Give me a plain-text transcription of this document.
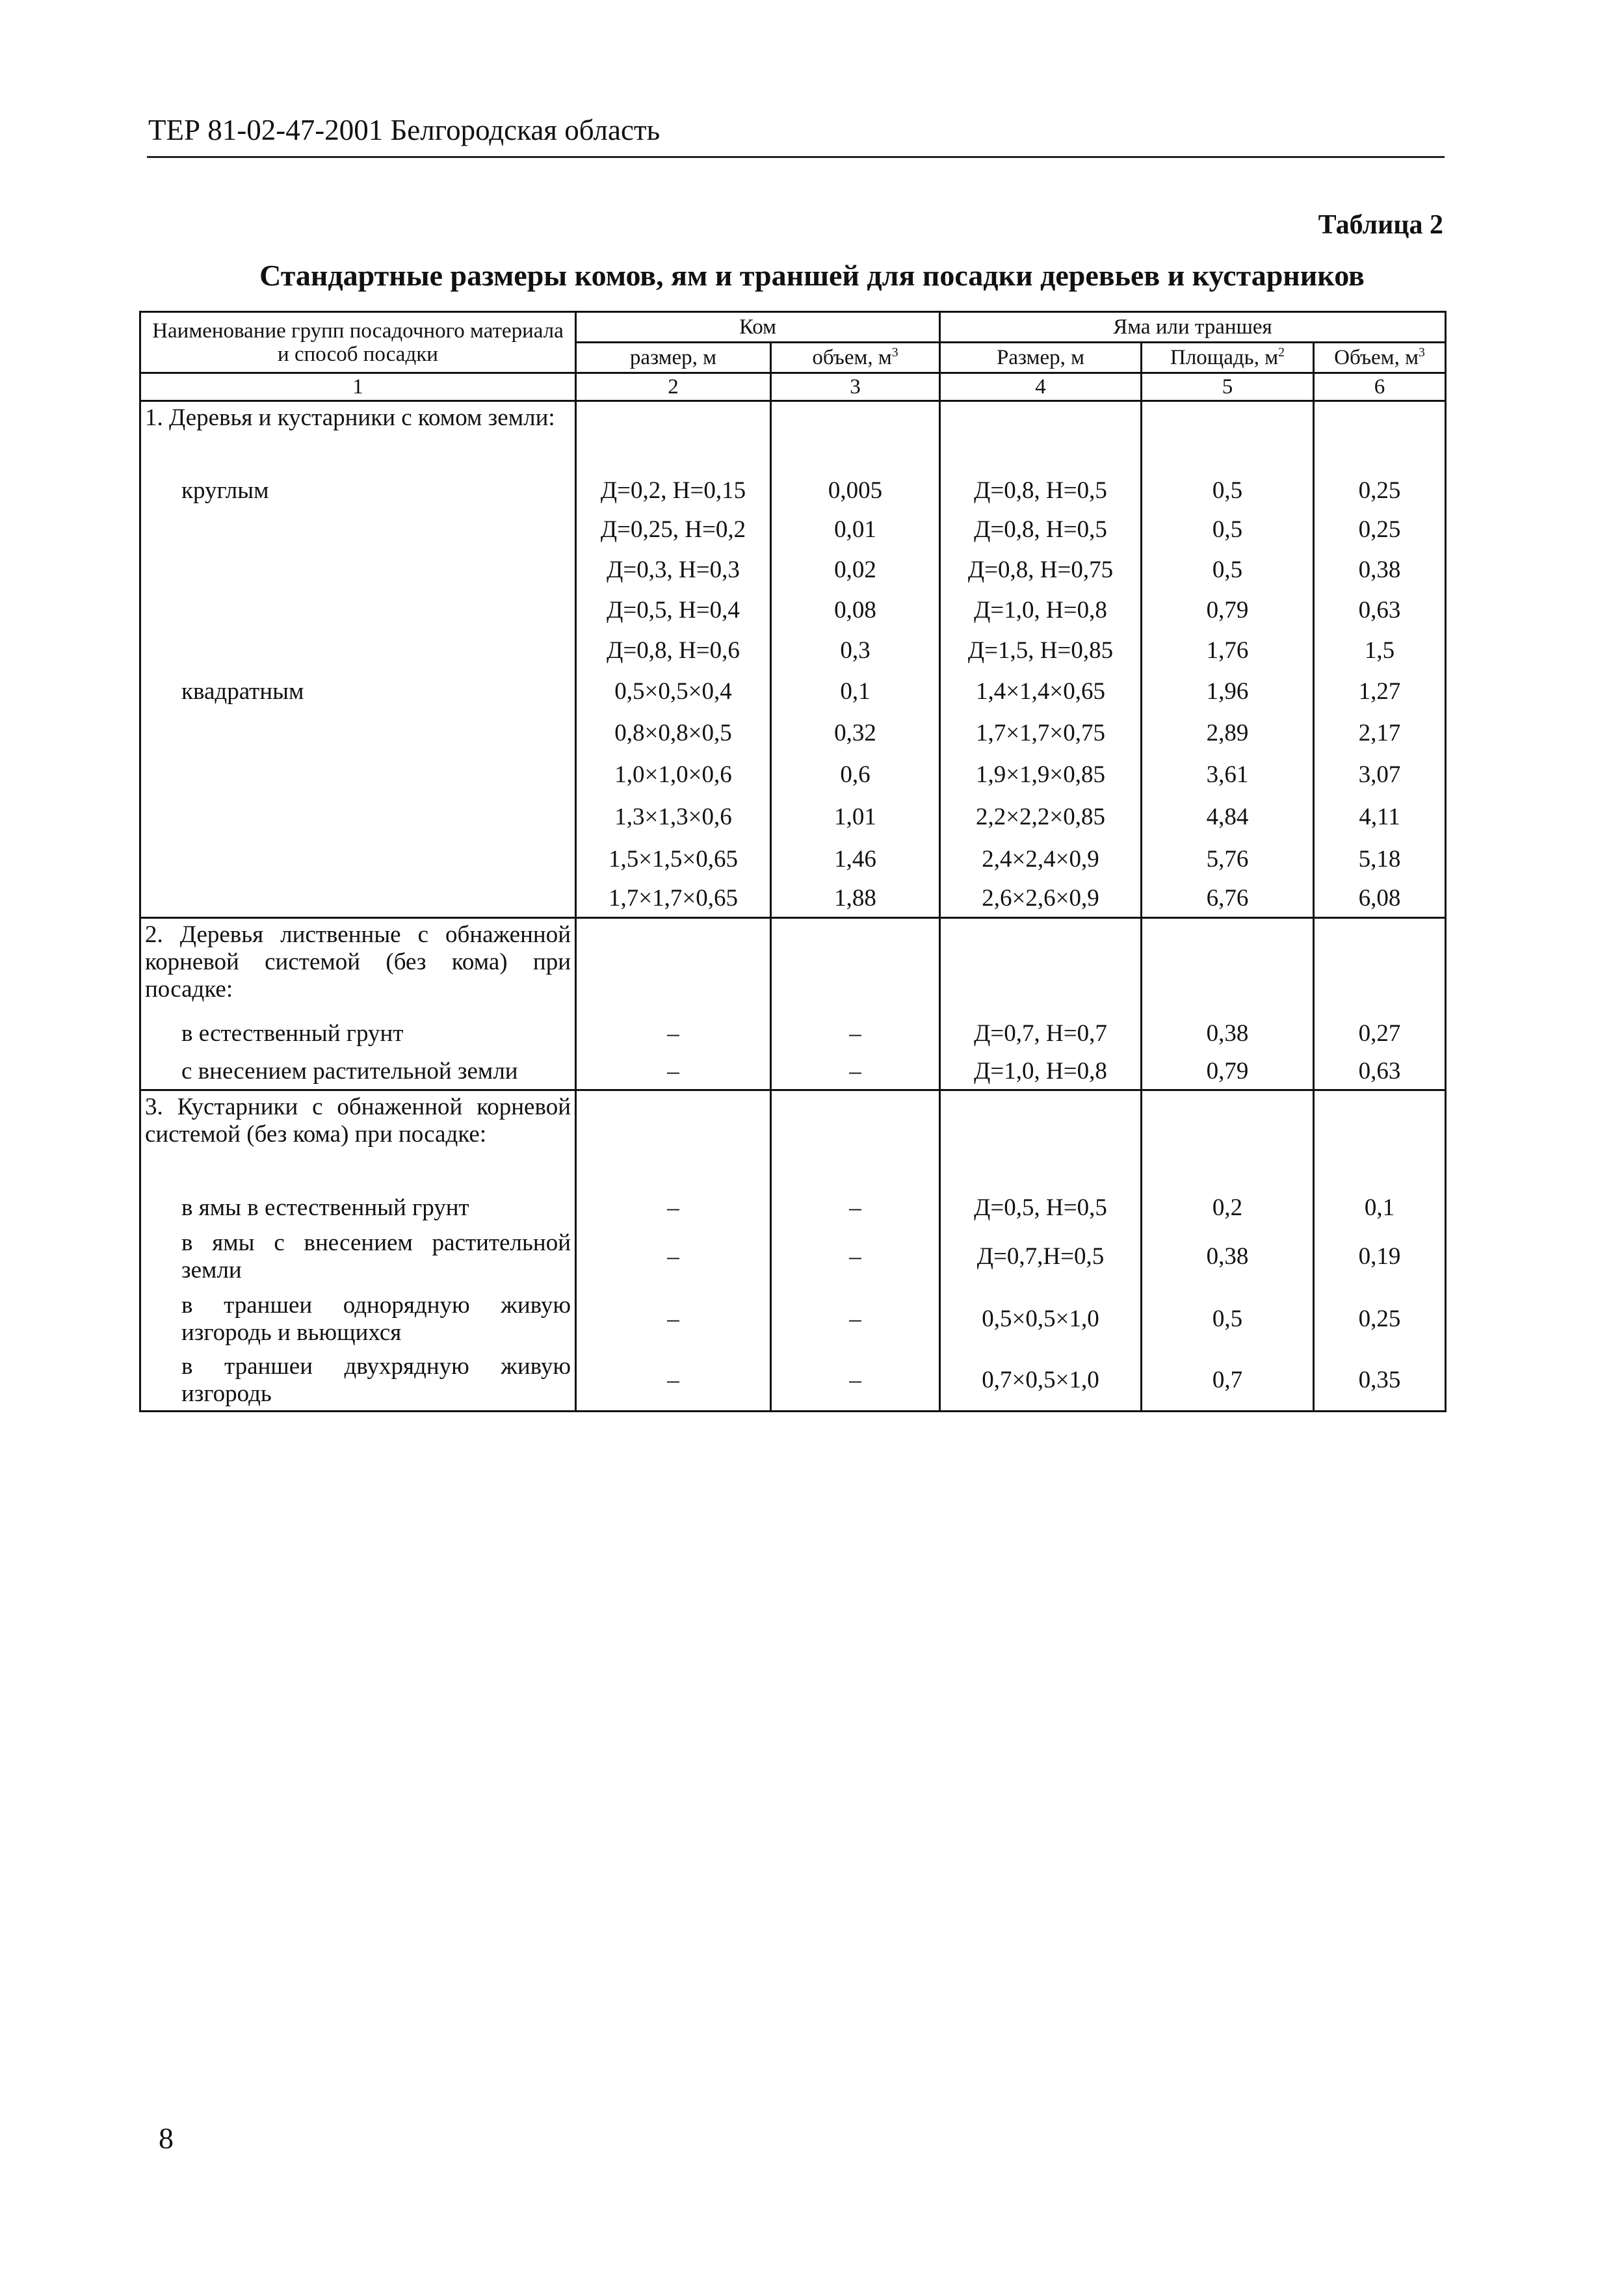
ТЕР 81-02-47-2001 Белгородская область
Таблица 2
Стандартные размеры комов, ям и траншей для посадки деревьев и кустарников
Наименование групп посадочного материала и способ посадки	Ком		Яма или траншея		
	размер, м	объем, $м^3$	Размер, м	Площадь, $м^2$	Объем, $м^3$
1	2	3	4	5	6
1. Деревья и кустарники с комом земли:					
круглым	Д=0,2, Н=0,15	0,005	Д=0,8, Н=0,5	0,5	0,25
	Д=0,25, Н=0,2	0,01	Д=0,8, Н=0,5	0,5	0,25
	Д=0,3, Н=0,3	0,02	Д=0,8, Н=0,75	0,5	0,38
	Д=0,5, Н=0,4	0,08	Д=1,0, Н=0,8	0,79	0,63
	Д=0,8, Н=0,6	0,3	Д=1,5, Н=0,85	1,76	1,5
квадратным	0,5×0,5×0,4	0,1	1,4×1,4×0,65	1,96	1,27
	0,8×0,8×0,5	0,32	1,7×1,7×0,75	2,89	2,17
	1,0×1,0×0,6	0,6	1,9×1,9×0,85	3,61	3,07
	1,3×1,3×0,6	1,01	2,2×2,2×0,85	4,84	4,11
	1,5×1,5×0,65	1,46	2,4×2,4×0,9	5,76	5,18
	1,7×1,7×0,65	1,88	2,6×2,6×0,9	6,76	6,08
2. Деревья лиственные с обнаженной корневой системой (без кома) при посадке:					
в естественный грунт	–	–	Д=0,7, Н=0,7	0,38	0,27
с внесением растительной земли	–	–	Д=1,0, Н=0,8	0,79	0,63
3. Кустарники с обнаженной корневой системой (без кома) при посадке:					
в ямы в естественный грунт	–	–	Д=0,5, Н=0,5	0,2	0,1
в ямы с внесением растительной земли	–	–	Д=0,7,Н=0,5	0,38	0,19
в траншеи однорядную живую изгородь и вьющихся	–	–	0,5×0,5×1,0	0,5	0,25
в траншеи двухрядную живую изгородь	–	–	0,7×0,5×1,0	0,7	0,35
8
